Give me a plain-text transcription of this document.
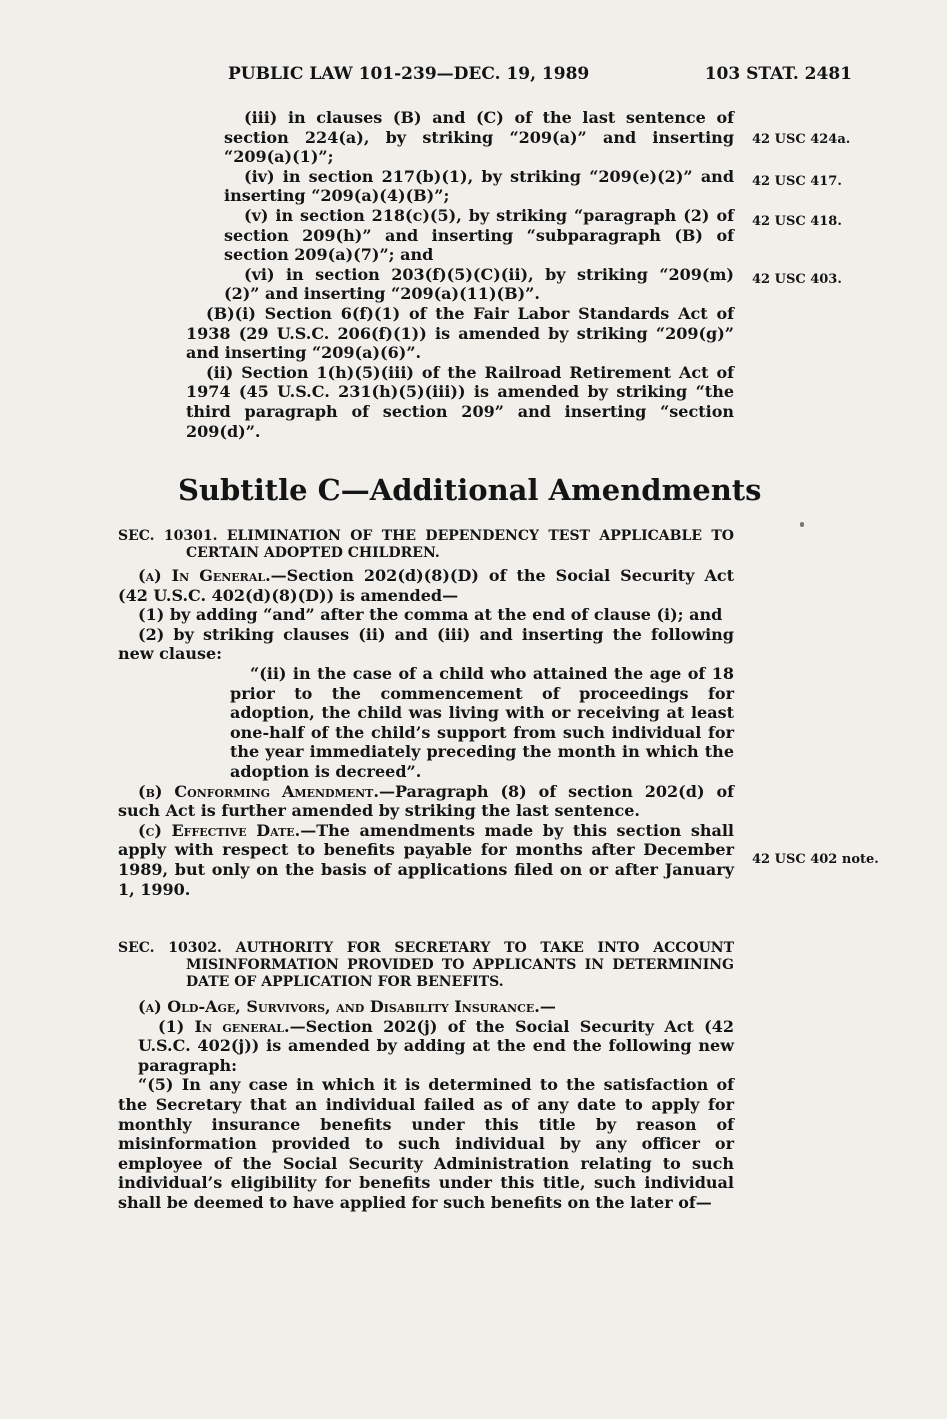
PUBLIC LAW 101-239—DEC. 19, 1989	103 STAT. 2481

(iii) in clauses (B) and (C) of the last sentence of section 224(a), by striking “209(a)” and inserting “209(a)(1)”;

(iv) in section 217(b)(1), by striking “209(e)(2)” and inserting “209(a)(4)(B)”;

(v) in section 218(c)(5), by striking “paragraph (2) of section 209(h)” and inserting “subparagraph (B) of section 209(a)(7)”; and

(vi) in section 203(f)(5)(C)(ii), by striking “209(m)(2)” and inserting “209(a)(11)(B)”.

(B)(i) Section 6(f)(1) of the Fair Labor Standards Act of 1938 (29 U.S.C. 206(f)(1)) is amended by striking “209(g)” and inserting “209(a)(6)”.

(ii) Section 1(h)(5)(iii) of the Railroad Retirement Act of 1974 (45 U.S.C. 231(h)(5)(iii)) is amended by striking “the third paragraph of section 209” and inserting “section 209(d)”.

42 USC 424a.
42 USC 417.
42 USC 418.
42 USC 403.
Subtitle C—Additional Amendments

SEC. 10301. ELIMINATION OF THE DEPENDENCY TEST APPLICABLE TO CERTAIN ADOPTED CHILDREN.

(a) In General.—Section 202(d)(8)(D) of the Social Security Act (42 U.S.C. 402(d)(8)(D)) is amended—

(1) by adding “and” after the comma at the end of clause (i); and

(2) by striking clauses (ii) and (iii) and inserting the following new clause:

“(ii) in the case of a child who attained the age of 18 prior to the commencement of proceedings for adoption, the child was living with or receiving at least one-half of the child’s support from such individual for the year immediately preceding the month in which the adoption is decreed”.

(b) Conforming Amendment.—Paragraph (8) of section 202(d) of such Act is further amended by striking the last sentence.

(c) Effective Date.—The amendments made by this section shall apply with respect to benefits payable for months after December 1989, but only on the basis of applications filed on or after January 1, 1990.

42 USC 402 note.

SEC. 10302. AUTHORITY FOR SECRETARY TO TAKE INTO ACCOUNT MISINFORMATION PROVIDED TO APPLICANTS IN DETERMINING DATE OF APPLICATION FOR BENEFITS.

(a) Old-Age, Survivors, and Disability Insurance.—

(1) In general.—Section 202(j) of the Social Security Act (42 U.S.C. 402(j)) is amended by adding at the end the following new paragraph:

“(5) In any case in which it is determined to the satisfaction of the Secretary that an individual failed as of any date to apply for monthly insurance benefits under this title by reason of misinformation provided to such individual by any officer or employee of the Social Security Administration relating to such individual’s eligibility for benefits under this title, such individual shall be deemed to have applied for such benefits on the later of—
